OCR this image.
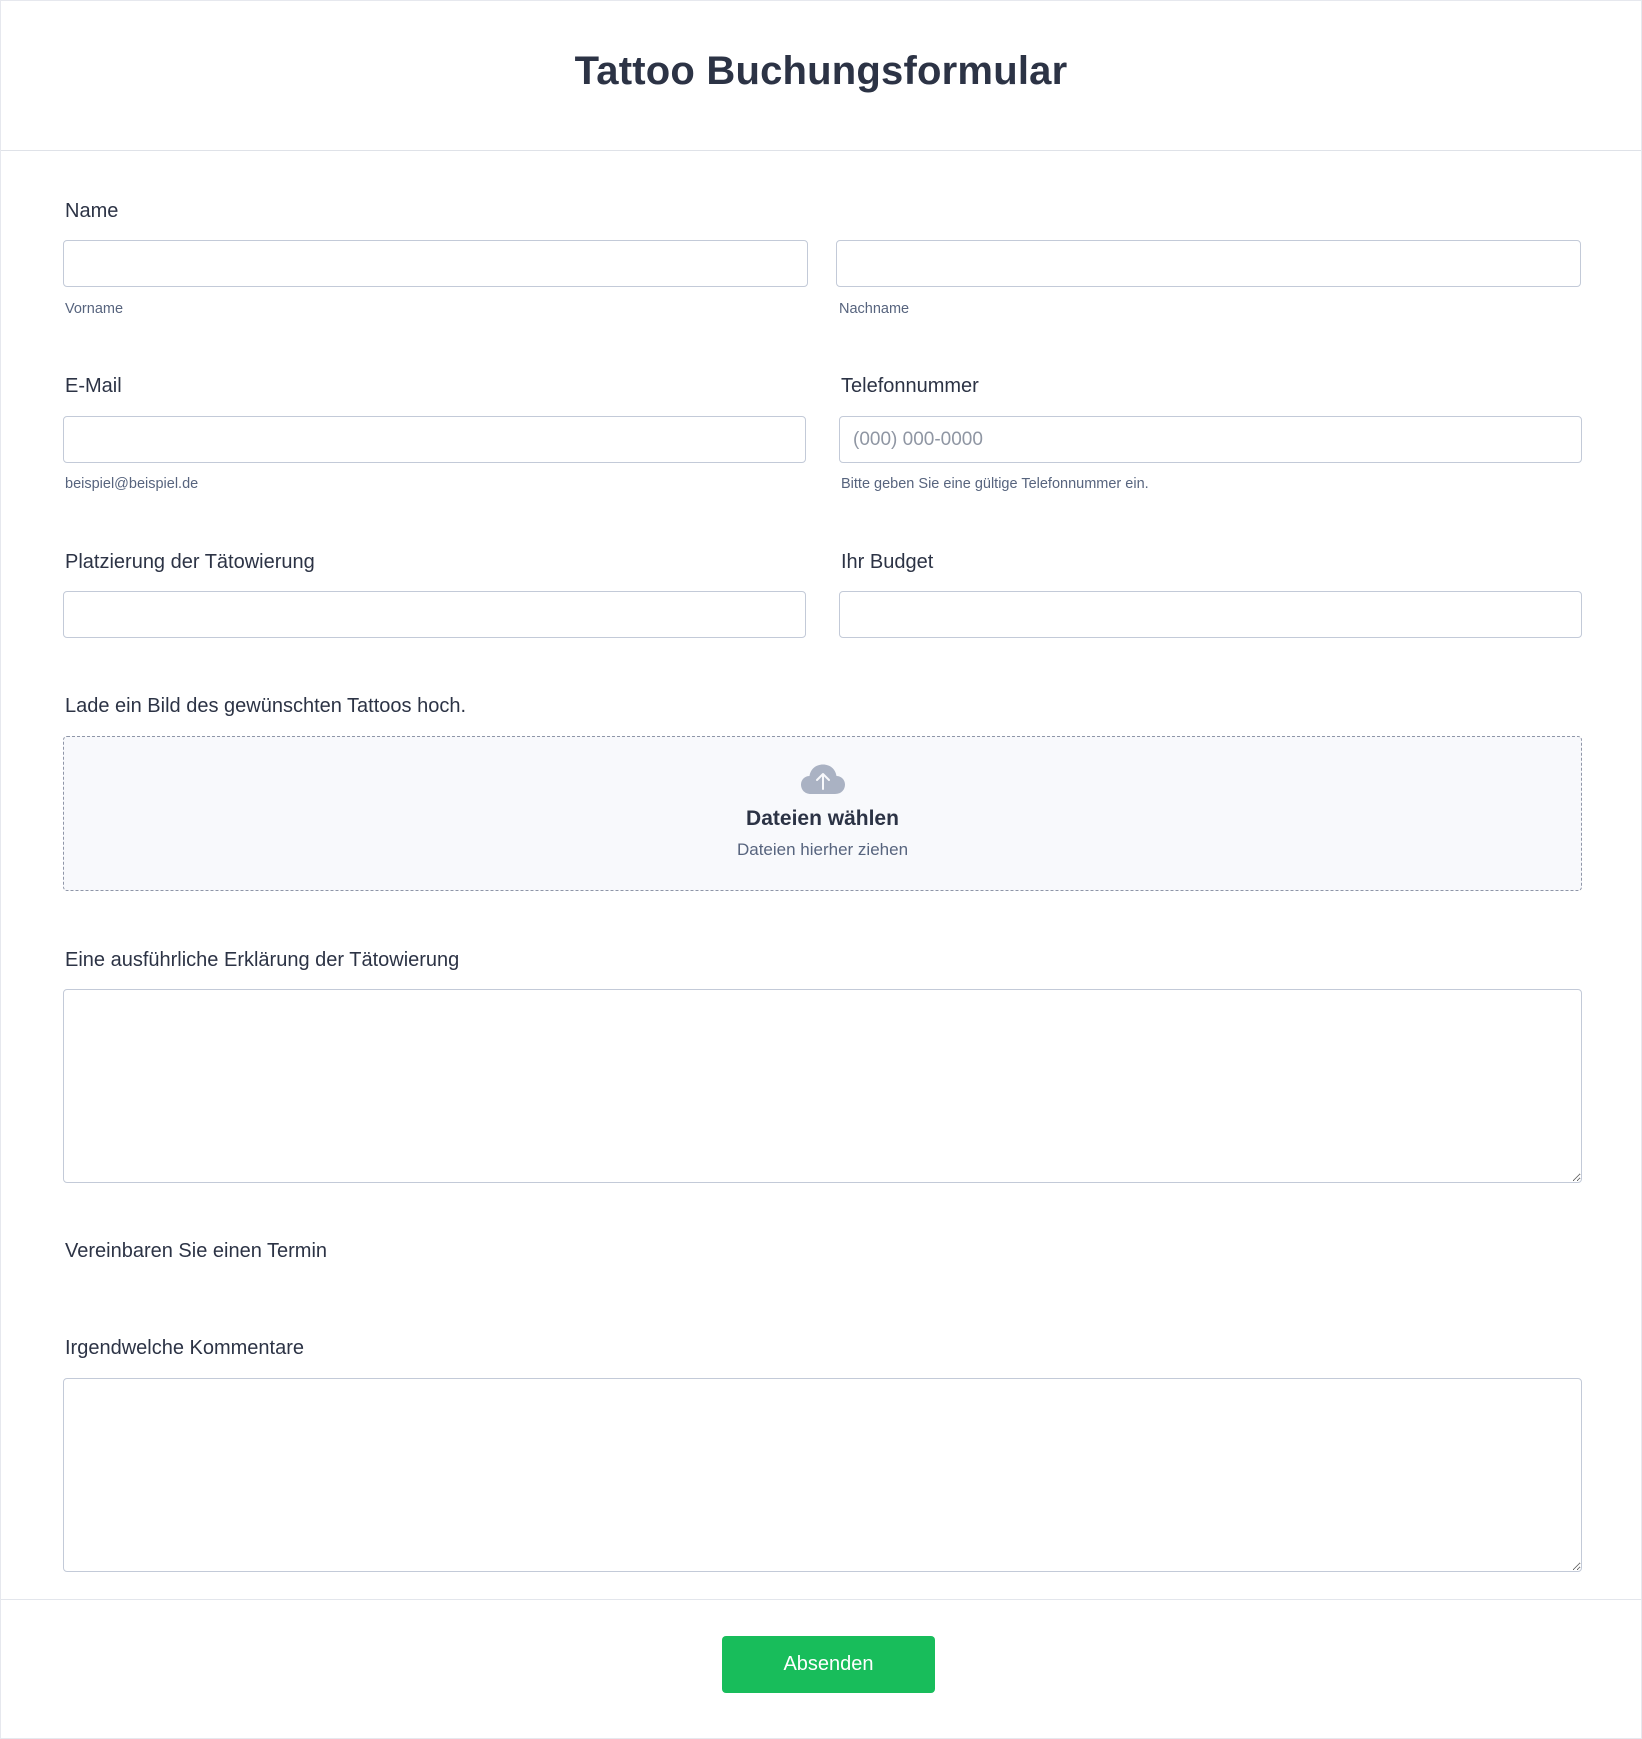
Tattoo Buchungsformular
Name
Vorname	Nachname
E-Mail
beispiel@beispiel.de
Telefonnummer
(000) 000-0000
Bitte geben Sie eine gültige Telefonnummer ein.
Platzierung der Tätowierung	Ihr Budget
Lade ein Bild des gewünschten Tattoos hoch.
Dateien wählen
Dateien hierher ziehen
Eine ausführliche Erklärung der Tätowierung
Vereinbaren Sie einen Termin
Irgendwelche Kommentare
Absenden
